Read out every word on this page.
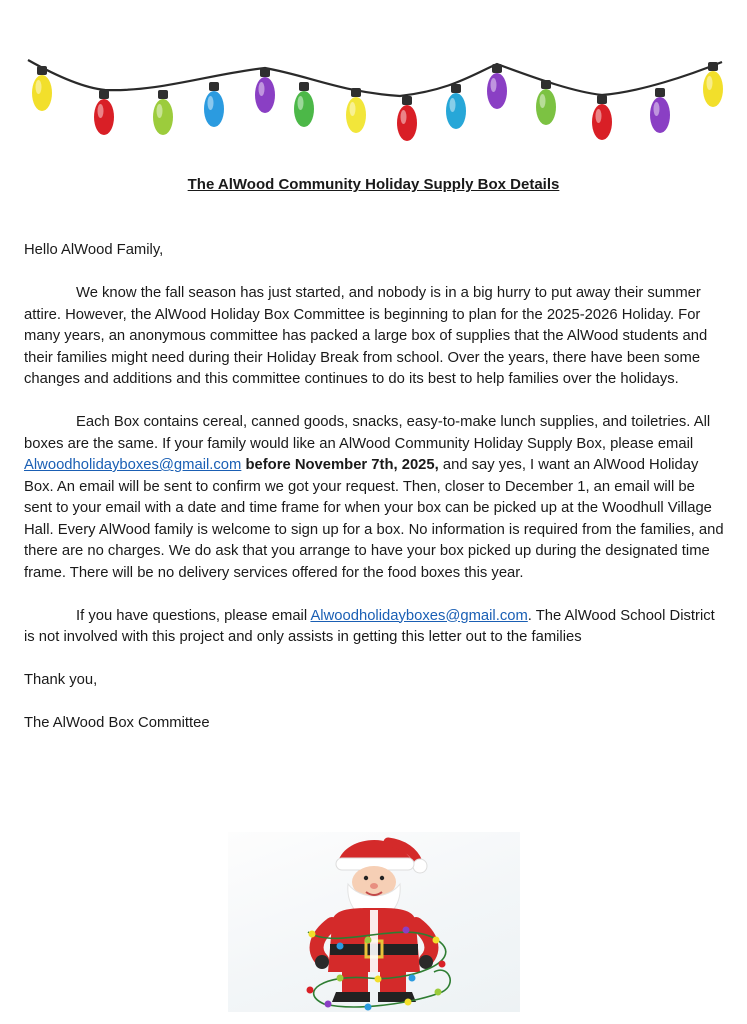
The AlWood Community Holiday Supply Box Details

Hello AlWood Family,

We know the fall season has just started, and nobody is in a big hurry to put away their summer attire. However, the AlWood Holiday Box Committee is beginning to plan for the 2025-2026 Holiday. For many years, an anonymous committee has packed a large box of supplies that the AlWood students and their families might need during their Holiday Break from school. Over the years, there have been some changes and additions and this committee continues to do its best to help families over the holidays.

Each Box contains cereal, canned goods, snacks, easy-to-make lunch supplies, and toiletries. All boxes are the same. If your family would like an AlWood Community Holiday Supply Box, please email Alwoodholidayboxes@gmail.com before November 7th, 2025, and say yes, I want an AlWood Holiday Box. An email will be sent to confirm we got your request. Then, closer to December 1, an email will be sent to your email with a date and time frame for when your box can be picked up at the Woodhull Village Hall. Every AlWood family is welcome to sign up for a box. No information is required from the families, and there are no charges. We do ask that you arrange to have your box picked up during the designated time frame. There will be no delivery services offered for the food boxes this year.

If you have questions, please email Alwoodholidayboxes@gmail.com. The AlWood School District is not involved with this project and only assists in getting this letter out to the families

Thank you,

The AlWood Box Committee
